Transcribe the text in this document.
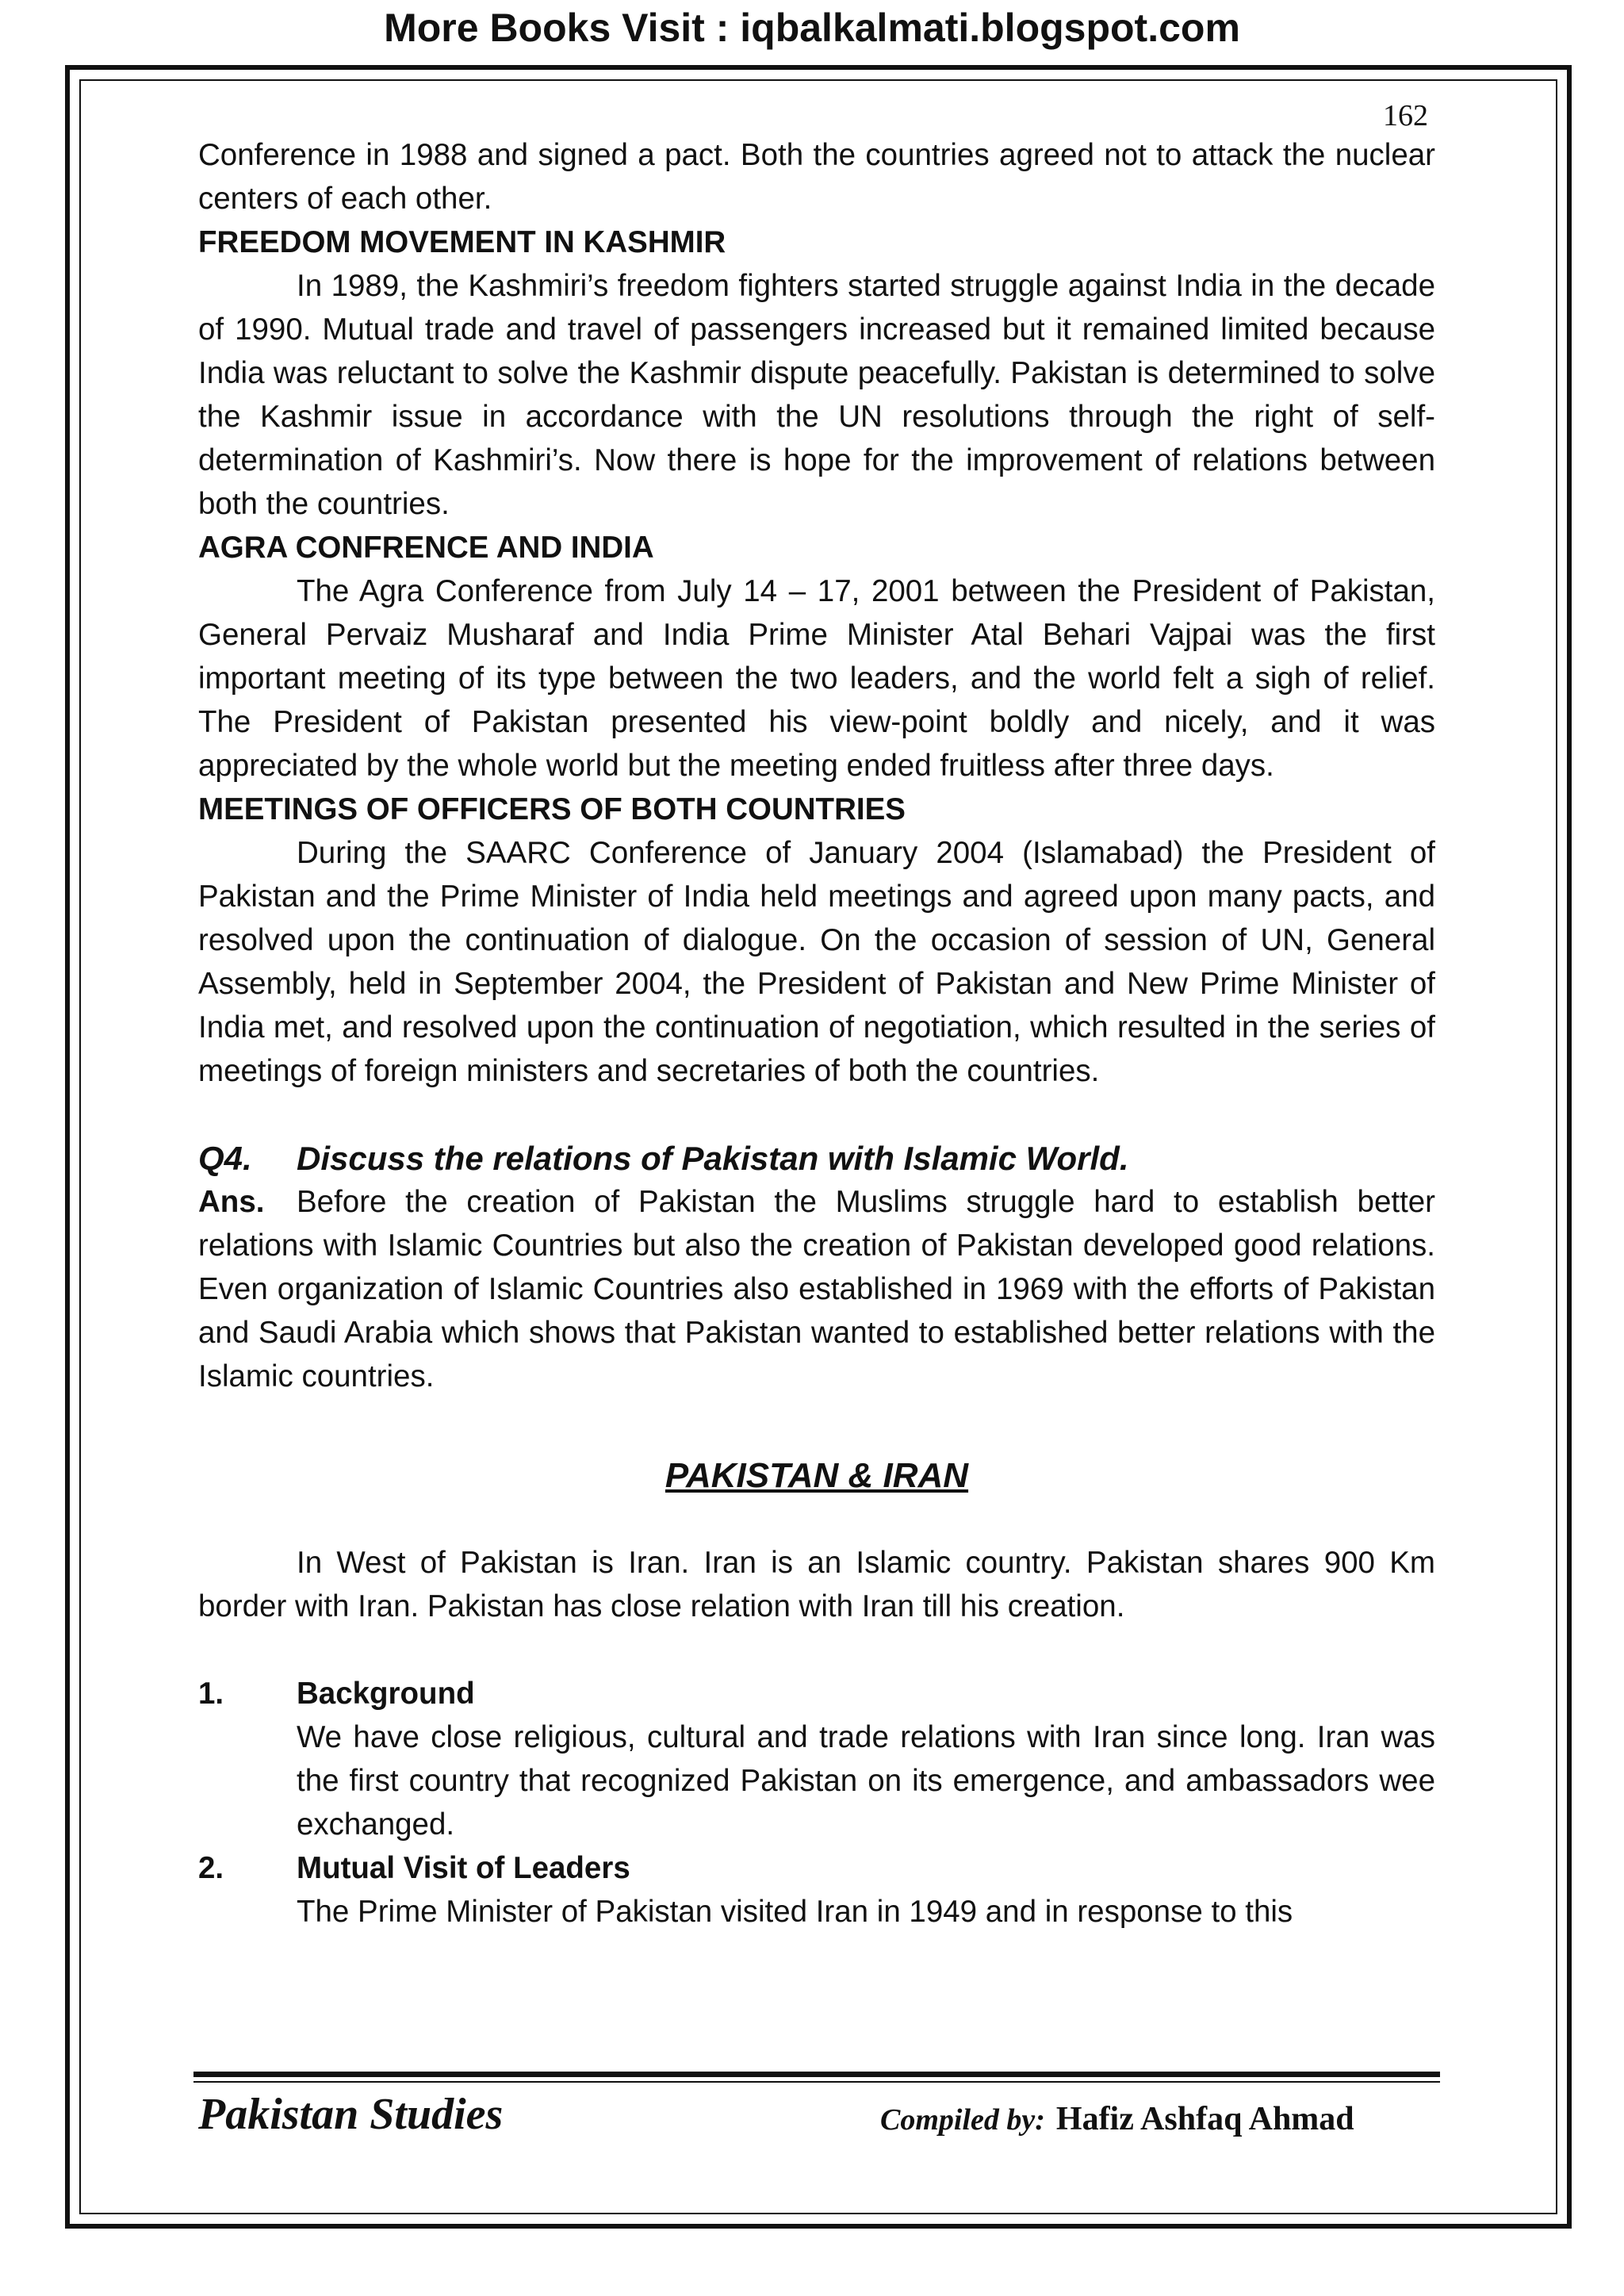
More Books Visit : iqbalkalmati.blogspot.com
162

Conference in 1988 and signed a pact. Both the countries agreed not to attack the nuclear centers of each other.

FREEDOM MOVEMENT IN KASHMIR

In 1989, the Kashmiri’s freedom fighters started struggle against India in the decade of 1990. Mutual trade and travel of passengers increased but it remained limited because India was reluctant to solve the Kashmir dispute peacefully. Pakistan is determined to solve the Kashmir issue in accordance with the UN resolutions through the right of self-determination of Kashmiri’s. Now there is hope for the improvement of relations between both the countries.

AGRA CONFRENCE AND INDIA

The Agra Conference from July 14 – 17, 2001 between the President of Pakistan, General Pervaiz Musharaf and India Prime Minister Atal Behari Vajpai was the first important meeting of its type between the two leaders, and the world felt a sigh of relief. The President of Pakistan presented his view-point boldly and nicely, and it was appreciated by the whole world but the meeting ended fruitless after three days.

MEETINGS OF OFFICERS OF BOTH COUNTRIES

During the SAARC Conference of January 2004 (Islamabad) the President of Pakistan and the Prime Minister of India held meetings and agreed upon many pacts, and resolved upon the continuation of dialogue. On the occasion of session of UN, General Assembly, held in September 2004, the President of Pakistan and New Prime Minister of India met, and resolved upon the continuation of negotiation, which resulted in the series of meetings of foreign ministers and secretaries of both the countries.

Q4. Discuss the relations of Pakistan with Islamic World.

Ans. Before the creation of Pakistan the Muslims struggle hard to establish better relations with Islamic Countries but also the creation of Pakistan developed good relations. Even organization of Islamic Countries also established in 1969 with the efforts of Pakistan and Saudi Arabia which shows that Pakistan wanted to established better relations with the Islamic countries.

PAKISTAN & IRAN

In West of Pakistan is Iran. Iran is an Islamic country. Pakistan shares 900 Km border with Iran. Pakistan has close relation with Iran till his creation.

1.	Background

We have close religious, cultural and trade relations with Iran since long. Iran was the first country that recognized Pakistan on its emergence, and ambassadors wee exchanged.

2.	Mutual Visit of Leaders

The Prime Minister of Pakistan visited Iran in 1949 and in response to this

Pakistan Studies	Compiled by: Hafiz Ashfaq Ahmad
